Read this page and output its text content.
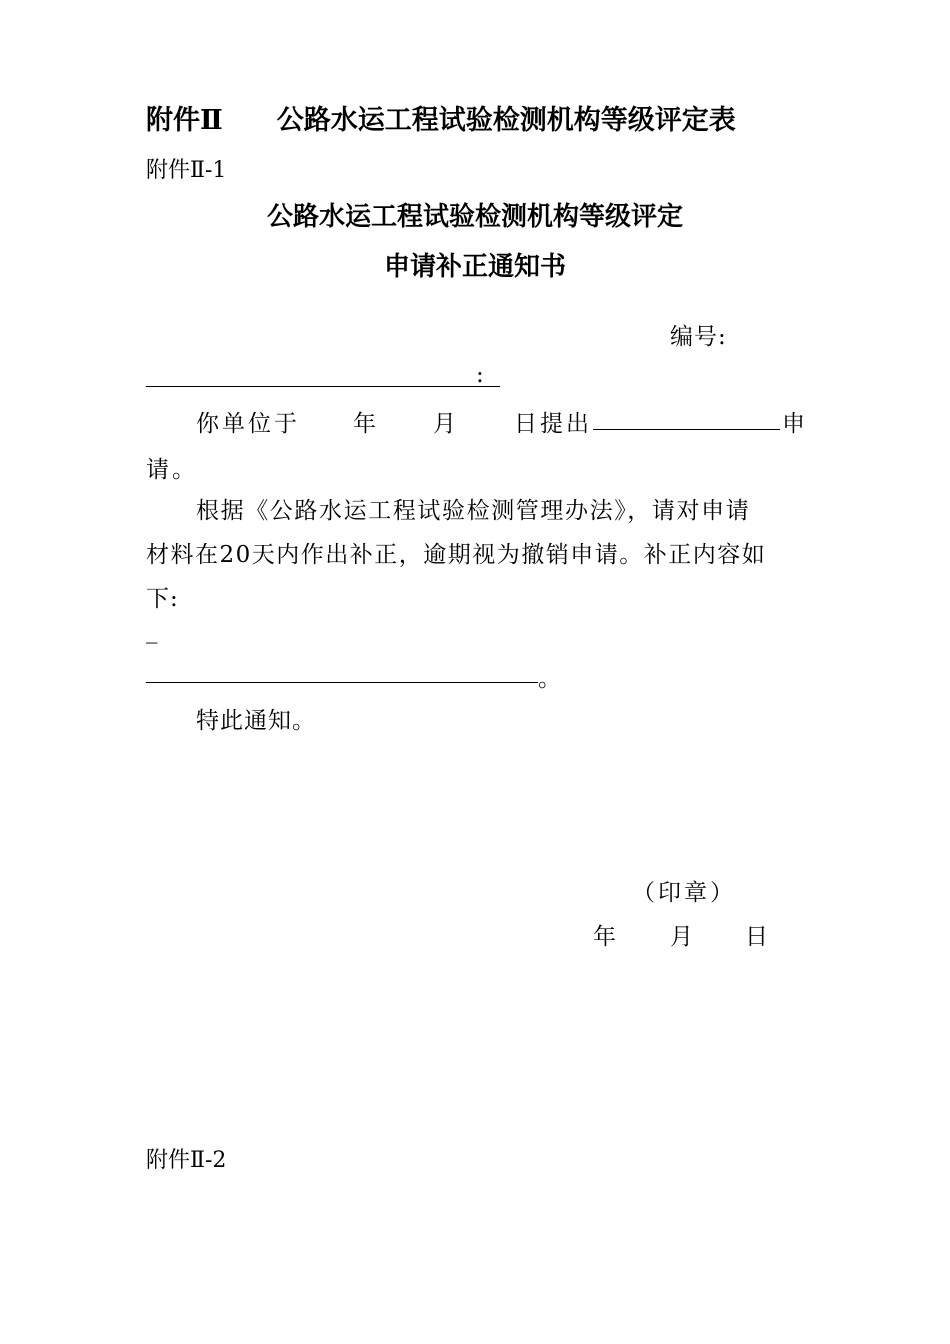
附件Ⅱ 公路水运工程试验检测机构等级评定表
附件Ⅱ-1
公路水运工程试验检测机构等级评定
申请补正通知书
编号:
:
你单位于 年 月 日提出	申
请。
根据《公路水运工程试验检测管理办法》，请对申请
材料在20天内作出补正，逾期视为撤销申请。补正内容如
下:
_
。
特此通知。
（印章）
年 月 日
附件Ⅱ-2
